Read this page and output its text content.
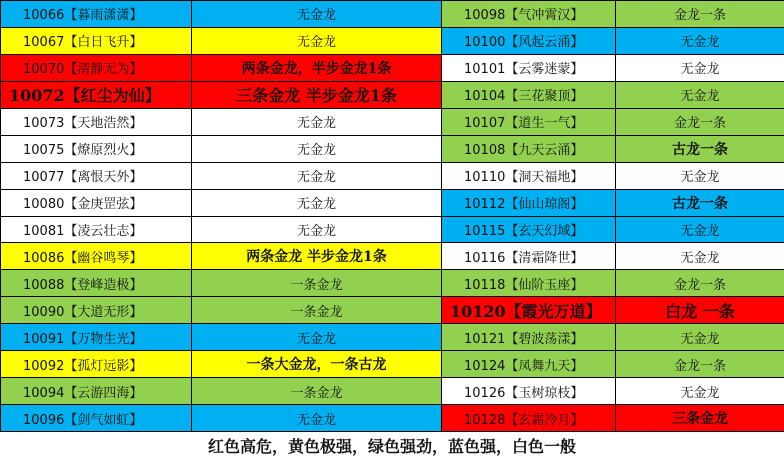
10066【暮雨潇潇】	无金龙	10098【气冲霄汉】	金龙一条
10067【白日飞升】	无金龙	10100【风起云涌】	无金龙
10070【清静无为】	两条金龙，半步金龙1条	10101【云雾迷蒙】	无金龙
10072【红尘为仙】	三条金龙 半步金龙1条	10104【三花聚顶】	无金龙
10073【天地浩然】	无金龙	10107【道生一气】	金龙一条
10075【燎原烈火】	无金龙	10108【九天云涌】	古龙一条
10077【离恨天外】	无金龙	10110【洞天福地】	无金龙
10080【金庚罡弦】	无金龙	10112【仙山琼阁】	古龙一条
10081【凌云壮志】	无金龙	10115【玄天幻域】	无金龙
10086【幽谷鸣琴】	两条金龙 半步金龙1条	10116【清霜降世】	无金龙
10088【登峰造极】	一条金龙	10118【仙阶玉座】	金龙一条
10090【大道无形】	一条金龙	10120【霞光万道】	白龙 一条
10091【万物生光】	无金龙	10121【碧波荡漾】	无金龙
10092【孤灯远影】	一条大金龙，一条古龙	10124【凤舞九天】	金龙一条
10094【云游四海】	一条金龙	10126【玉树琼枝】	无金龙
10096【剑气如虹】	无金龙	10128【玄霜冷月】	三条金龙
红色高危，黄色极强，绿色强劲，蓝色强，白色一般
